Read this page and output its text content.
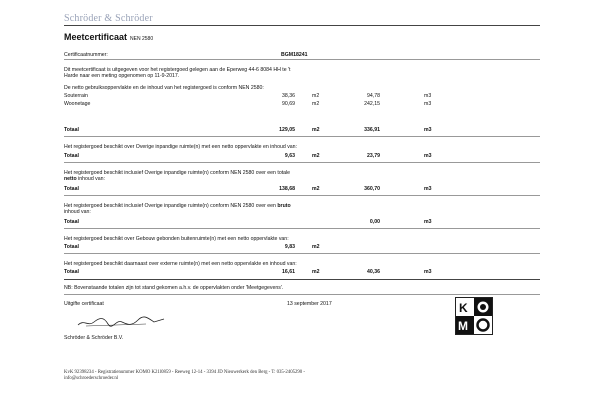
Schröder & Schröder
Meetcertificaat NEN 2580
Certificaatnummer:	BGM18241
Dit meetcertificaat is uitgegeven voor het registergoed gelegen aan de Eperweg 44-6 8084 HH te 't
Harde naar een meting opgenomen op 11-9-2017.
De netto gebruiksoppervlakte en de inhoud van het registergoed is conform NEN 2580:
Souterrain	38,36	m2	94,78	m3
Woonetage	90,69	m2	242,15	m3
Totaal	129,05	m2	336,91	m3
Het registergoed beschikt over Overige inpandige ruimte(n) met een netto oppervlakte en inhoud van:
Totaal	9,63	m2	23,79	m3
Het registergoed beschikt inclusief Overige inpandige ruimte(n) conform NEN 2580 over een totale
netto inhoud van:
Totaal	138,68	m2	360,70	m3
Het registergoed beschikt inclusief Overige inpandige ruimte(n) conform NEN 2580 over een bruto
inhoud van:
Totaal	0,00	m3
Het registergoed beschikt over Gebouw gebonden buitenruimte(n) met een netto oppervlakte van:
Totaal	9,83	m2
Het registergoed beschikt daarnaast over externe ruimte(n) met een netto oppervlakte en inhoud van:
Totaal	16,61	m2	40,36	m3
NB: Bovenstaande totalen zijn tot stand gekomen a.h.v. de oppervlakten onder 'Meetgegevens'.
Uitgifte certificaat	13 september 2017	K
M
Schröder & Schröder B.V.
KvK 92398234 - Registratienummer KOMO K21l0859 - Reeweg 12-14 - 3394 JD Nieuwerkerk den Berg - T: 035-2405290 -
info@schroederschroeder.nl
